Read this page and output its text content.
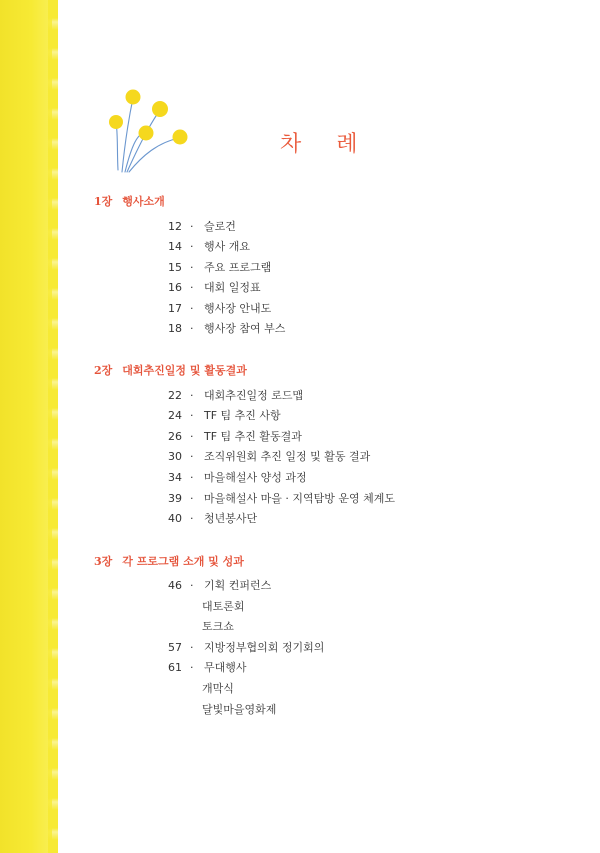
차 례
1장 행사소개
12 · 슬로건
14 · 행사 개요
15 · 주요 프로그램
16 · 대회 일정표
17 · 행사장 안내도
18 · 행사장 참여 부스
2장 대회추진일정 및 활동결과
22 · 대회추진일정 로드맵
24 · TF 팀 추진 사항
26 · TF 팀 추진 활동결과
30 · 조직위원회 추진 일정 및 활동 결과
34 · 마을해설사 양성 과정
39 · 마을해설사 마을 · 지역탐방 운영 체계도
40 · 청년봉사단
3장 각 프로그램 소개 및 성과
46 · 기획 컨퍼런스
대토론회
토크쇼
57 · 지방정부협의회 정기회의
61 · 무대행사
개막식
달빛마을영화제
